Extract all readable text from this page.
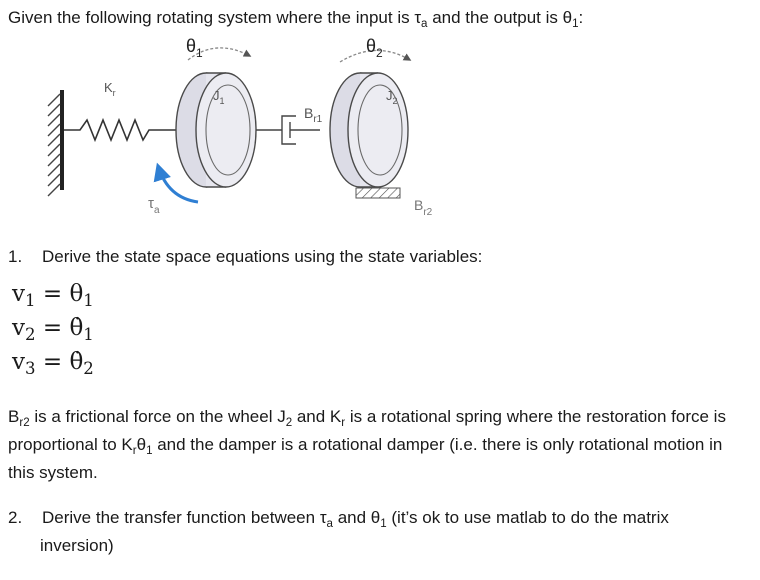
Given the following rotating system where the input is $\tau_a$ and the output is $\theta_1$:
$K_r$	$J_1$
$\theta_1$
$\tau_a$
$B_{r1}$
$J_2$
$\theta_2$
$B_{r2}$
1. Derive the state space equations using the state variables:
$v_1 = \theta_1$
$v_2$ = $\thetȧ_1$
$v_3$ = $\thetȧ_2$
$B_{r2}$ is a frictional force on the wheel $J_2$ and $K_r$ is a rotational spring where the restoration force is proportional to $K_r\theta_1$ and the damper is a rotational damper (i.e. there is only rotational motion in this system.
2. Derive the transfer function between $\tau_a$ and $\theta_1$ (it’s ok to use matlab to do the matrix
inversion)
